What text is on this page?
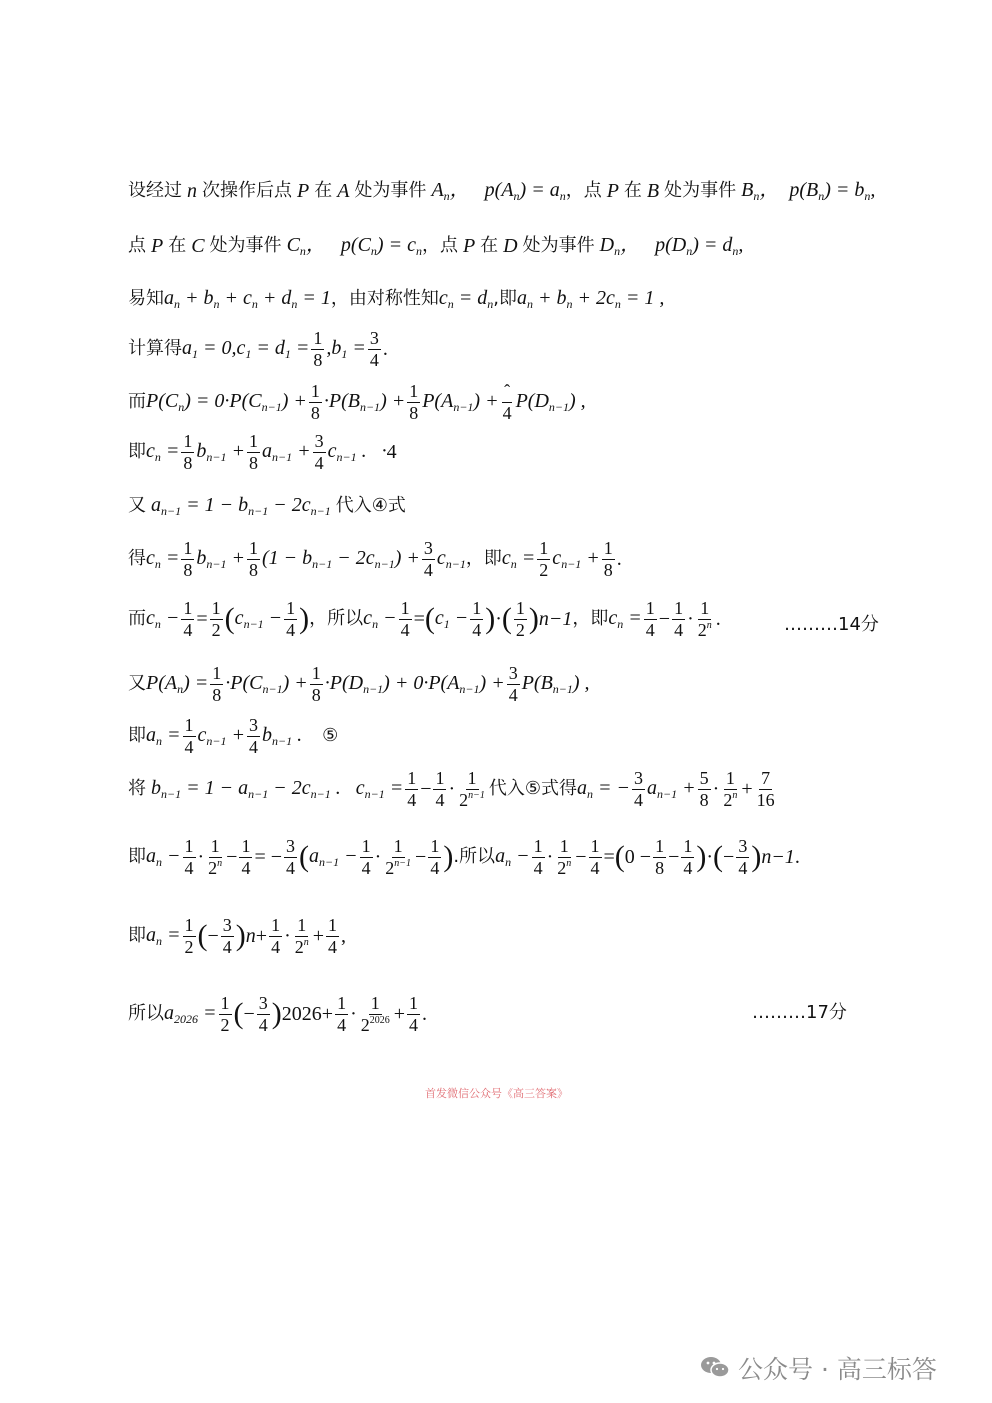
设经过 n 次操作后点 P 在 A 处为事件 $A_n$，   $p(A_n) = a_n$ ，点 P 在 B 处为事件 $B_n$，  $p(B_n) = b_n$,
点 P 在 C 处为事件 $C_n$，   $p(C_n) = c_n$ ，点 P 在 D 处为事件 $D_n$，   $p(D_n) = d_n$,
易知 $a_n + b_n + c_n + d_n = 1$ ，由对称性知 $c_n = d_n$ ,即 $a_n + b_n + 2c_n = 1$ ,
计算得 $a_1 = 0,c_1 = d_1 = \frac{1}{8} ,b_1 = \frac{3}{4}$ .
而 $P(C_n) = 0\cdot P(C_{n-1}) + \frac{1}{8} \cdot P(B_{n-1}) + \frac{1}{8} P(A_{n-1}) + \frac{\text{ˆ}}{4} P(D_{n-1})$ ,
即 $c_n = \frac{1}{8} b_{n-1} + \frac{1}{8} a_{n-1} + \frac{3}{4} c_{n-1}$ .   · 4
又 $a_{n-1} = 1 - b_{n-1} - 2c_{n-1}$ 代入④式
得 $c_n = \frac{1}{8} b_{n-1} + \frac{1}{8} (1 - b_{n-1} - 2c_{n-1}) + \frac{3}{4} c_{n-1}$ ，即 $c_n = \frac{1}{2} c_{n-1} + \frac{1}{8}$ .
而 $c_n - \frac{1}{4} = \frac{1}{2}$ ( $c_{n-1} - \frac{1}{4}$ ) ，所以 $c_n - \frac{1}{4}$ = ( $c_1 - \frac{1}{4}$ ) · ( $\frac{1}{2}$ ) n−1 ，即 $c_n = \frac{1}{4} - \frac{1}{4} \cdot \frac{1}{2^n}$ .	………14分
又 $P(A_n) = \frac{1}{8} \cdot P(C_{n-1}) + \frac{1}{8} \cdot P(D_{n-1}) + 0\cdot P(A_{n-1}) + \frac{3}{4} P(B_{n-1})$ ,
即 $a_n = \frac{1}{4} c_{n-1} + \frac{3}{4} b_{n-1}$ . ⑤
将 $b_{n-1} = 1 - a_{n-1} - 2c_{n-1}$ .   $c_{n-1} = \frac{1}{4} - \frac{1}{4} \cdot \frac{1}{2^{n-1}}$ 代入⑤式得 $a_n$ = − $\frac{3}{4} a_{n-1} + \frac{5}{8} \cdot \frac{1}{2^n} + \frac{7}{16}$
即 $a_n - \frac{1}{4} \cdot \frac{1}{2^n} - \frac{1}{4}$ = − $\frac{3}{4}$ ( $a_{n-1} - \frac{1}{4} \cdot \frac{1}{2^{n-1}} - \frac{1}{4}$ ) .所以 $a_n - \frac{1}{4} \cdot \frac{1}{2^n} - \frac{1}{4}$ = ( $0 - \frac{1}{8} - \frac{1}{4}$ ) · ( − $\frac{3}{4}$ ) n−1 .
即 $a_n = \frac{1}{2}$ ( − $\frac{3}{4}$ ) $n + \frac{1}{4} \cdot \frac{1}{2^n} + \frac{1}{4}$ ,
所以 $a_{2026} = \frac{1}{2}$ ( − $\frac{3}{4}$ ) $2026 + \frac{1}{4} \cdot \frac{1}{2^{2026}} + \frac{1}{4}$ .	………17分
首发微信公众号《高三答案》
公众号 · 高三标答
